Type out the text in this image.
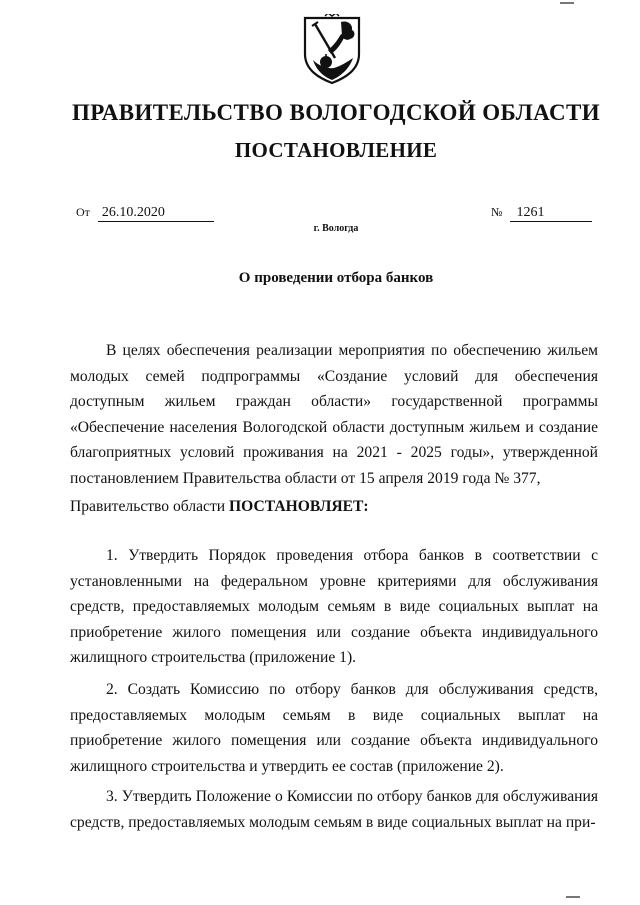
ПРАВИТЕЛЬСТВО ВОЛОГОДСКОЙ ОБЛАСТИ
ПОСТАНОВЛЕНИЕ
От 26.10.2020	№ 1261
г. Вологда
О проведении отбора банков
В целях обеспечения реализации мероприятия по обеспечению жильем молодых семей подпрограммы «Создание условий для обеспечения доступным жильем граждан области» государственной программы «Обеспечение населения Вологодской области доступным жильем и создание благоприятных условий проживания на 2021 - 2025 годы», утвержденной постановлением Правительства области от 15 апреля 2019 года № 377,
Правительство области ПОСТАНОВЛЯЕТ:
1. Утвердить Порядок проведения отбора банков в соответствии с установленными на федеральном уровне критериями для обслуживания средств, предоставляемых молодым семьям в виде социальных выплат на приобретение жилого помещения или создание объекта индивидуального жилищного строительства (приложение 1).
2. Создать Комиссию по отбору банков для обслуживания средств, предоставляемых молодым семьям в виде социальных выплат на приобретение жилого помещения или создание объекта индивидуального жилищного строительства и утвердить ее состав (приложение 2).
3. Утвердить Положение о Комиссии по отбору банков для обслуживания средств, предоставляемых молодым семьям в виде социальных выплат на при-
